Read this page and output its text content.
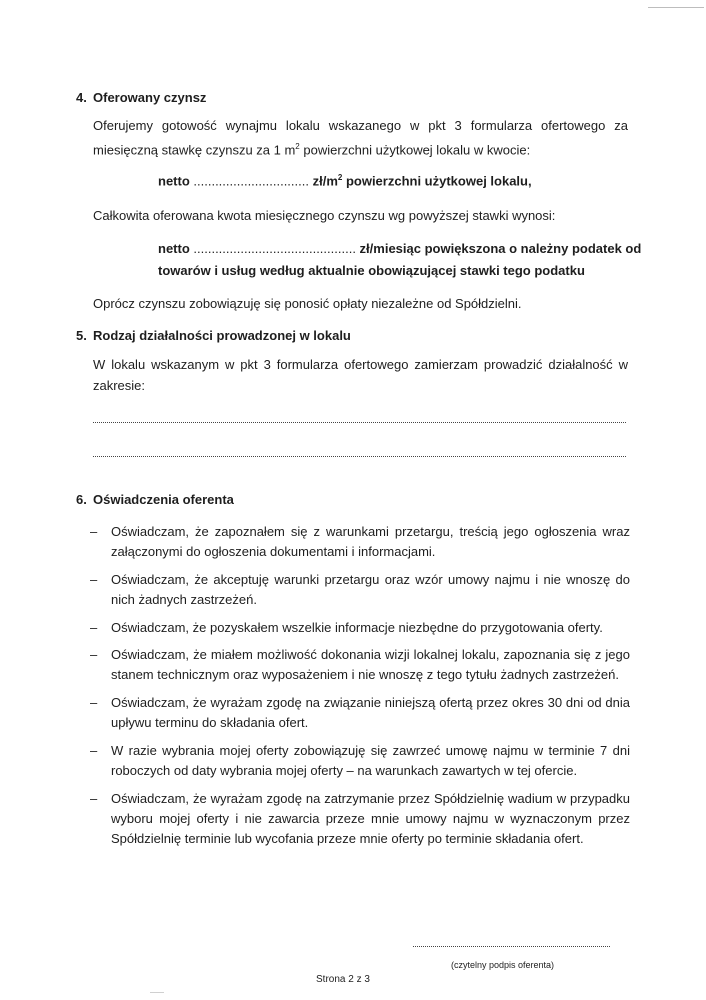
4. Oferowany czynsz
Oferujemy gotowość wynajmu lokalu wskazanego w pkt 3 formularza ofertowego za miesięczną stawkę czynszu za 1 $m^2$ powierzchni użytkowej lokalu w kwocie:
netto ................................ $zł/m^2$ powierzchni użytkowej lokalu,
Całkowita oferowana kwota miesięcznego czynszu wg powyższej stawki wynosi:
netto ............................................. zł/miesiąc powiększona o należny podatek od
towarów i usług według aktualnie obowiązującej stawki tego podatku
Oprócz czynszu zobowiązuję się ponosić opłaty niezależne od Spółdzielni.
5. Rodzaj działalności prowadzonej w lokalu
W lokalu wskazanym w pkt 3 formularza ofertowego zamierzam prowadzić działalność w zakresie:
6. Oświadczenia oferenta
– Oświadczam, że zapoznałem się z warunkami przetargu, treścią jego ogłoszenia wraz załączonymi do ogłoszenia dokumentami i informacjami.
– Oświadczam, że akceptuję warunki przetargu oraz wzór umowy najmu i nie wnoszę do nich żadnych zastrzeżeń.
– Oświadczam, że pozyskałem wszelkie informacje niezbędne do przygotowania oferty.
– Oświadczam, że miałem możliwość dokonania wizji lokalnej lokalu, zapoznania się z jego stanem technicznym oraz wyposażeniem i nie wnoszę z tego tytułu żadnych zastrzeżeń.
– Oświadczam, że wyrażam zgodę na związanie niniejszą ofertą przez okres 30 dni od dnia upływu terminu do składania ofert.
– W razie wybrania mojej oferty zobowiązuję się zawrzeć umowę najmu w terminie 7 dni roboczych od daty wybrania mojej oferty – na warunkach zawartych w tej ofercie.
– Oświadczam, że wyrażam zgodę na zatrzymanie przez Spółdzielnię wadium w przypadku wyboru mojej oferty i nie zawarcia przeze mnie umowy najmu w wyznaczonym przez Spółdzielnię terminie lub wycofania przeze mnie oferty po terminie składania ofert.
(czytelny podpis oferenta)
Strona 2 z 3
